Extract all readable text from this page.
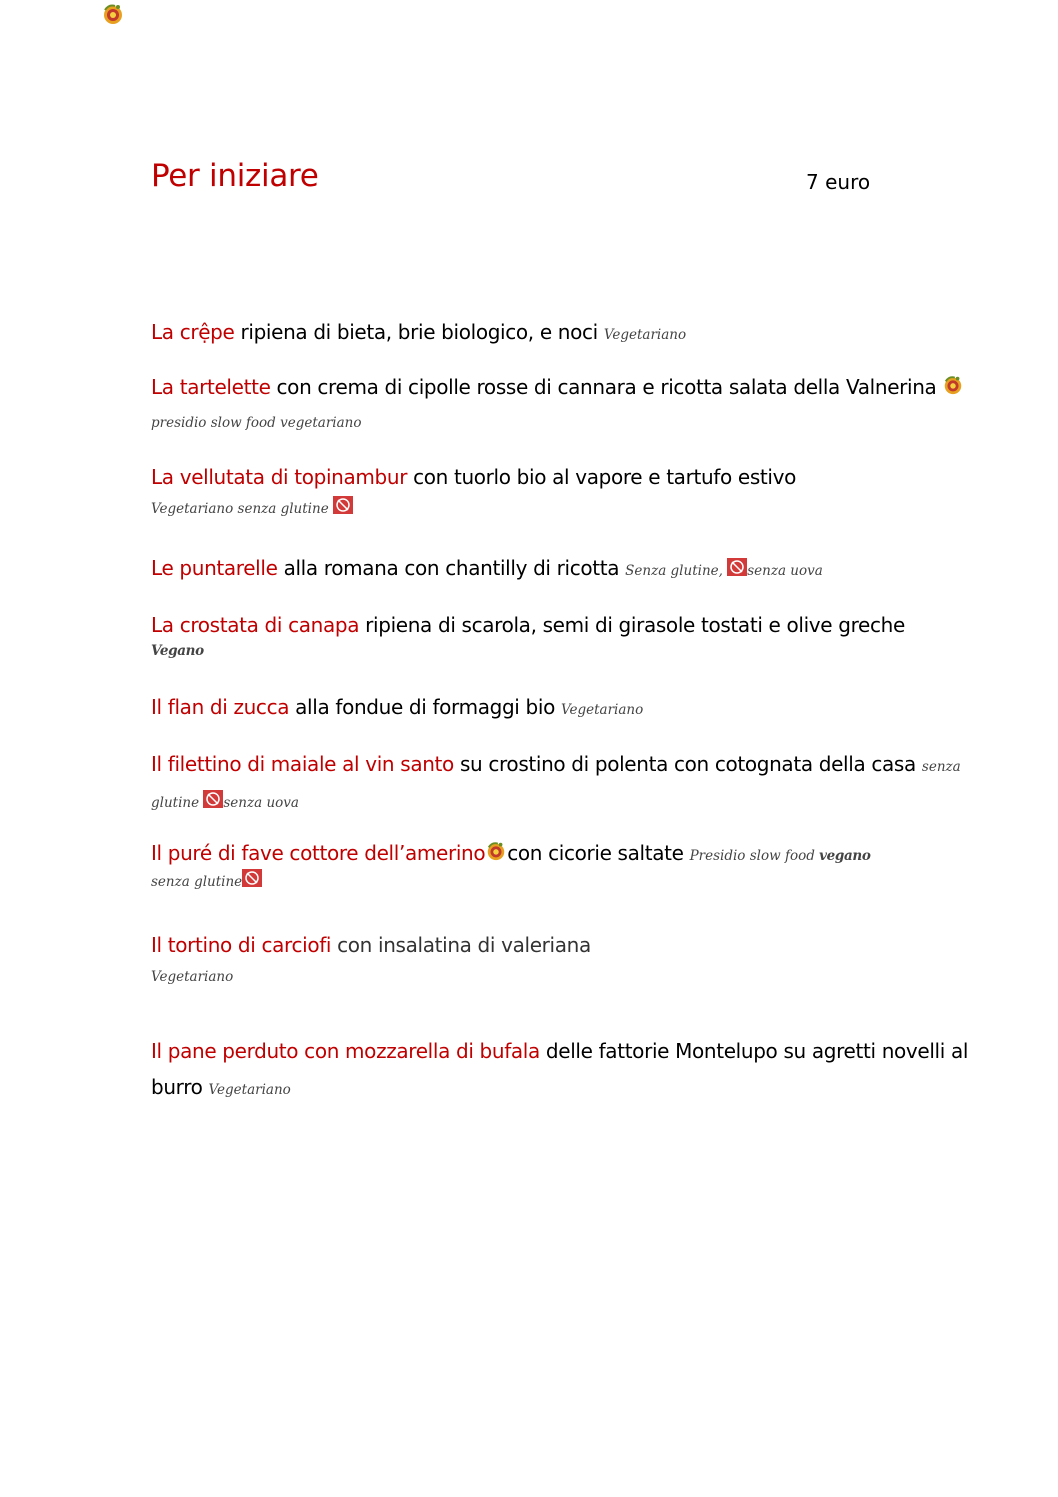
Per iniziare	7 euro
La crệpe ripiena di bieta, brie biologico, e noci Vegetariano
La tartelette con crema di cipolle rosse di cannara e ricotta salata della Valnerina presidio slow food vegetariano
La vellutata di topinambur con tuorlo bio al vapore e tartufo estivo
Vegetariano senza glutine
Le puntarelle alla romana con chantilly di ricotta Senza glutine, senza uova
La crostata di canapa ripiena di scarola, semi di girasole tostati e olive greche
Vegano
Il flan di zucca alla fondue di formaggi bio Vegetariano
Il filettino di maiale al vin santo su crostino di polenta con cotognata della casa senza glutine senza uova
Il puré di fave cottore dell’amerino con cicorie saltate Presidio slow food vegano
senza glutine
Il tortino di carciofi con insalatina di valeriana
Vegetariano
Il pane perduto con mozzarella di bufala delle fattorie Montelupo su agretti novelli al burro Vegetariano
